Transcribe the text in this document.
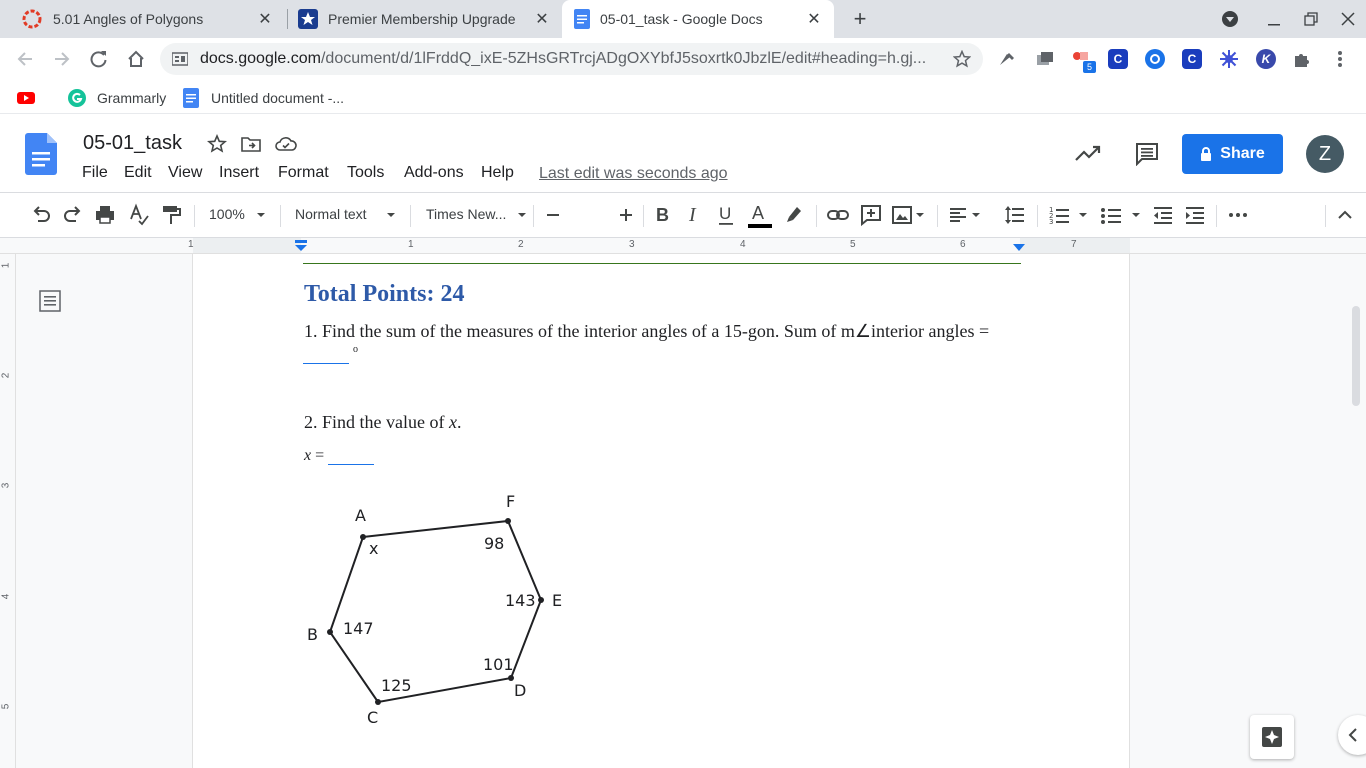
5.01 Angles of Polygons	✕	Premier Membership Upgrade ✕	05-01_task - Google Docs	✕	+
docs.google.com/document/d/1lFrddQ_ixE-5ZHsGRTrcjADgOXYbfJ5soxrtk0JbzlE/edit#heading=h.gj...	5
C	C	K
Grammarly	Untitled document -...
05-01_task
File Edit View Insert Format Tools Add-ons Help Last edit was seconds ago
Share	Z
100%	Normal text	Times New...	B I U A	1
2
3
1	1	2	3	4	5	6	7
1
2
3
4
5
Total Points: 24
1. Find the sum of the measures of the interior angles of a 15-gon. Sum of m∠interior angles =
$^o$
2. Find the value of x.
x =
A
F
E
D
C
B
x	98
143
101
125
147
